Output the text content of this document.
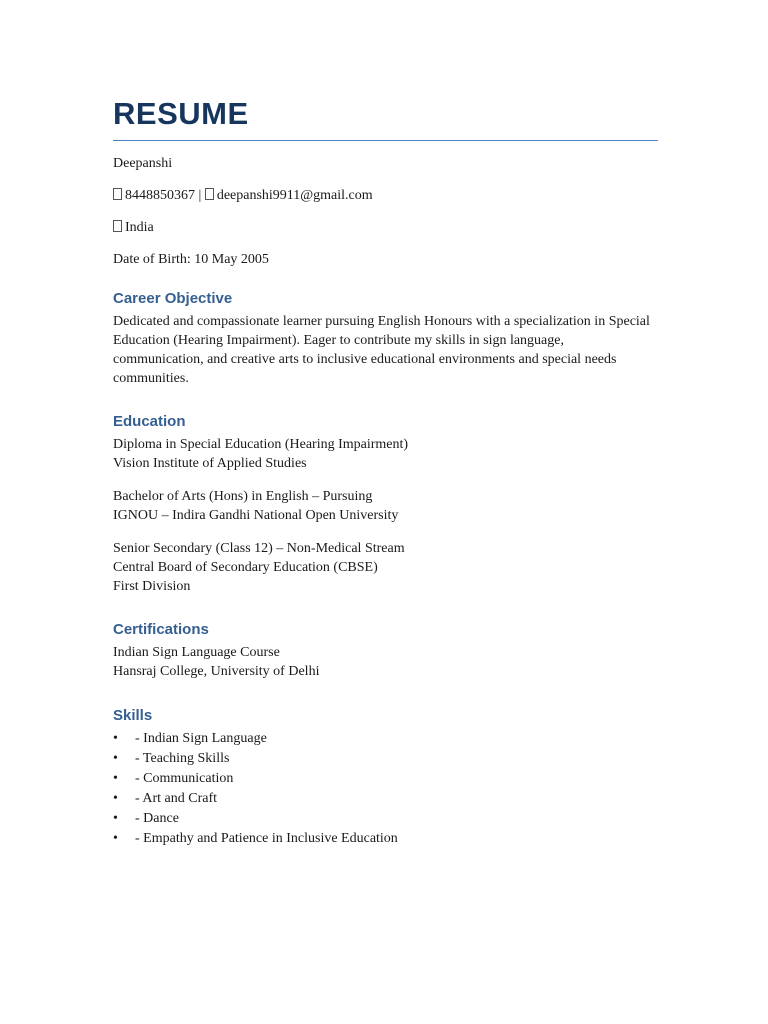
RESUME

Deepanshi

8448850367 | deepanshi9911@gmail.com

India

Date of Birth: 10 May 2005

Career Objective

Dedicated and compassionate learner pursuing English Honours with a specialization in Special Education (Hearing Impairment). Eager to contribute my skills in sign language, communication, and creative arts to inclusive educational environments and special needs communities.

Education

Diploma in Special Education (Hearing Impairment)

Vision Institute of Applied Studies

Bachelor of Arts (Hons) in English – Pursuing

IGNOU – Indira Gandhi National Open University

Senior Secondary (Class 12) – Non-Medical Stream

Central Board of Secondary Education (CBSE)

First Division

Certifications

Indian Sign Language Course

Hansraj College, University of Delhi

Skills
• - Indian Sign Language
• - Teaching Skills
• - Communication
• - Art and Craft
• - Dance
• - Empathy and Patience in Inclusive Education
